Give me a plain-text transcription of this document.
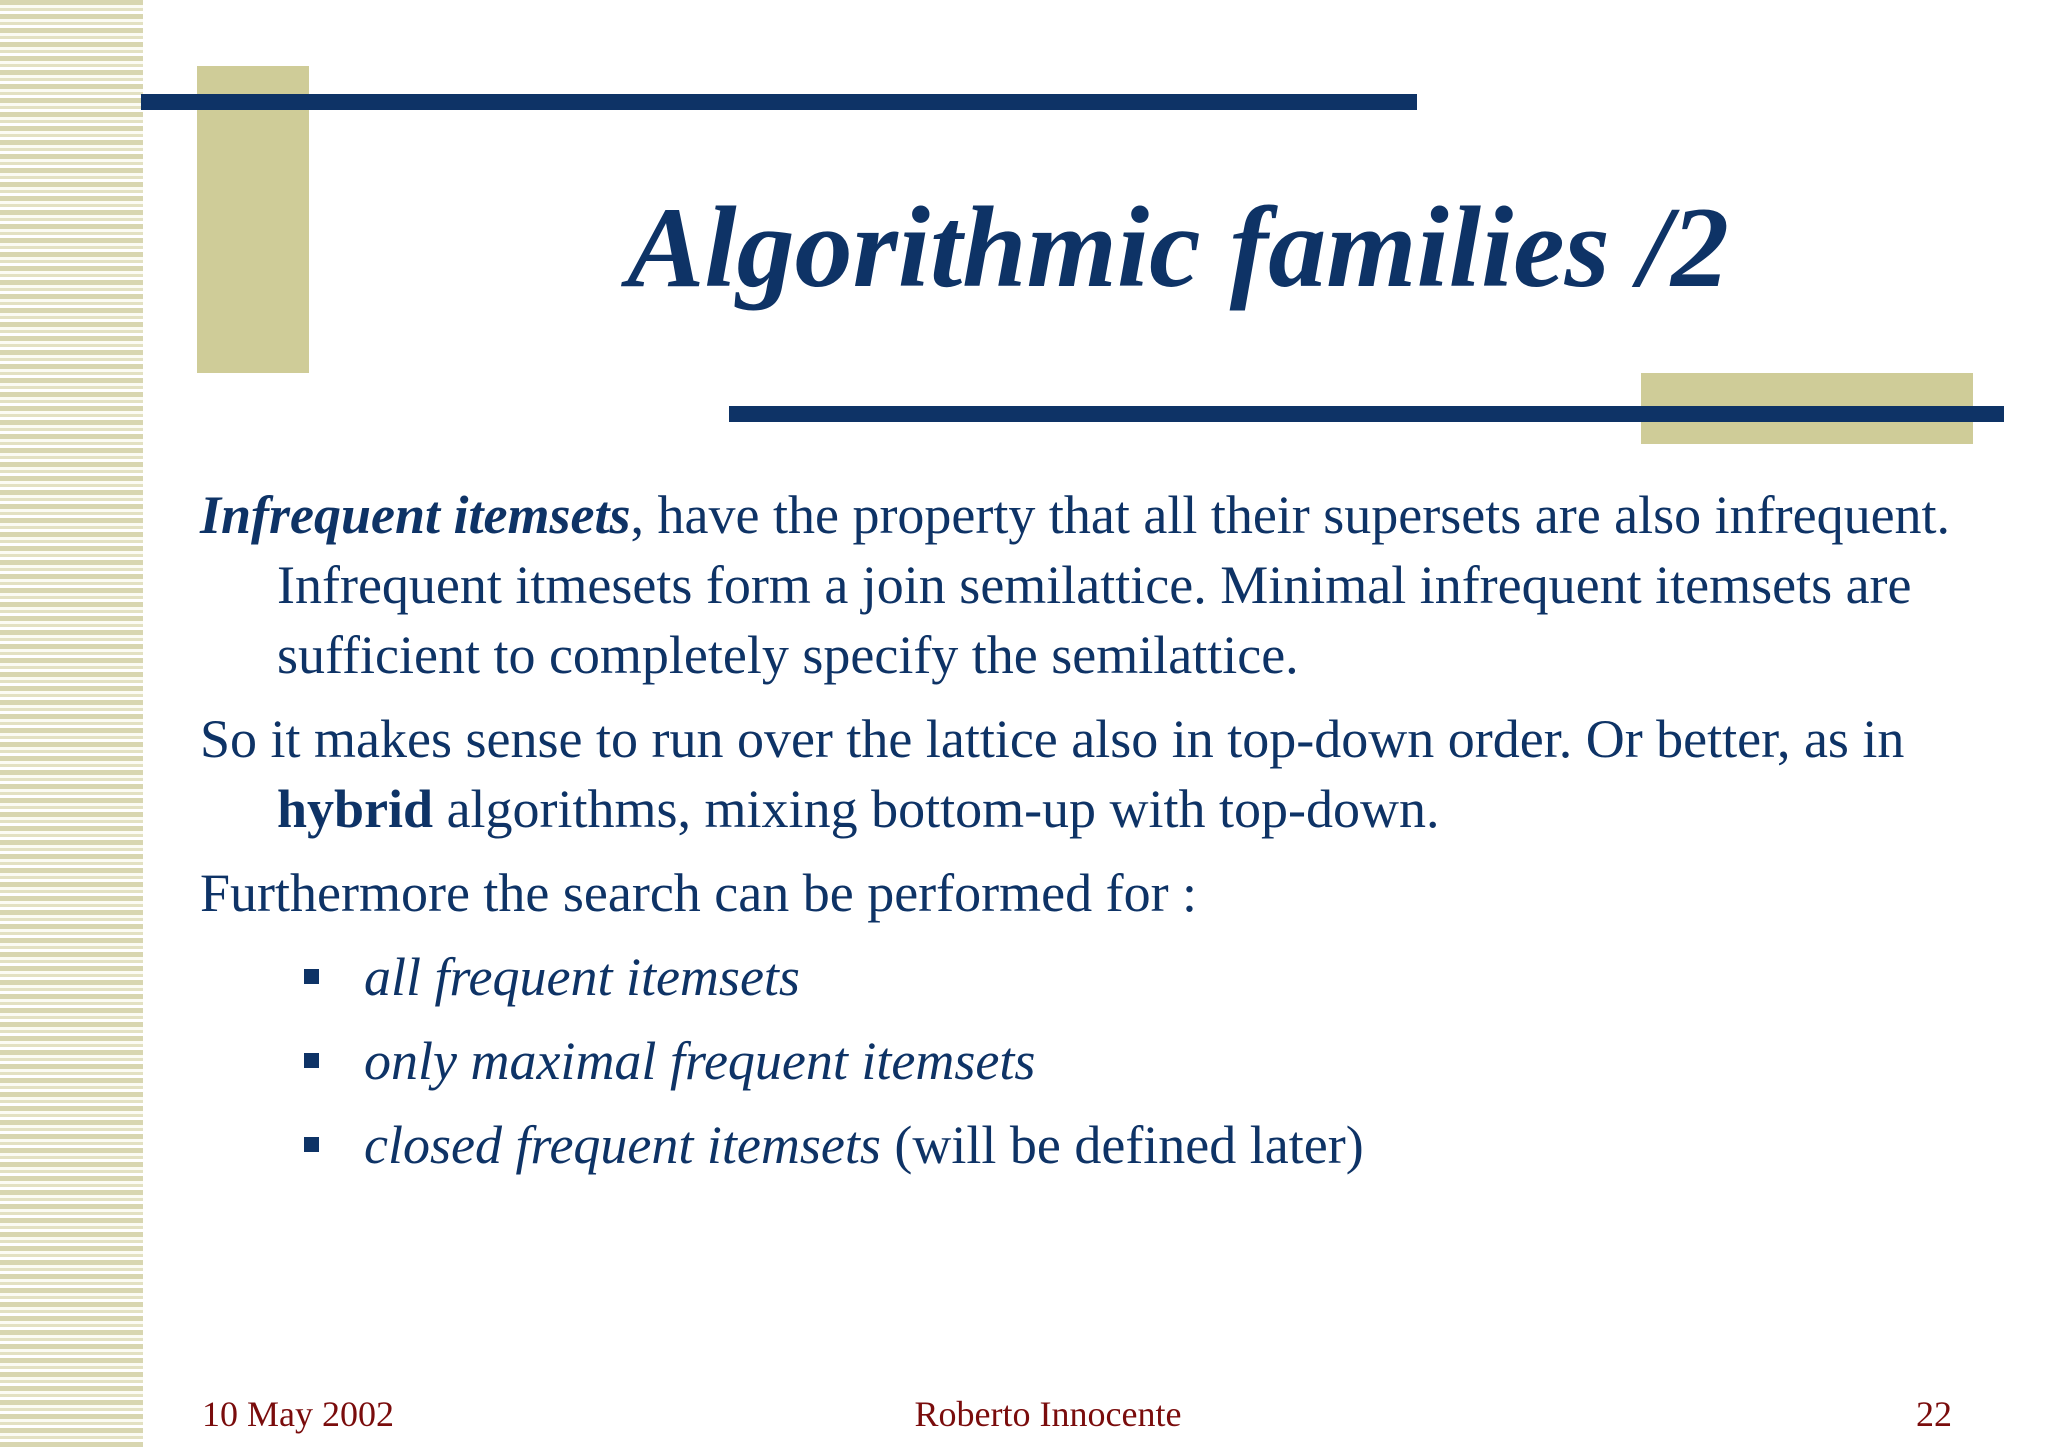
Algorithmic families /2

Infrequent itemsets, have the property that all their supersets are also infrequent. Infrequent itmesets form a join semilattice. Minimal infrequent itemsets are sufficient to completely specify the semilattice.

So it makes sense to run over the lattice also in top-down order. Or better, as in hybrid algorithms, mixing bottom-up with top-down.

Furthermore the search can be performed for :

all frequent itemsets
only maximal frequent itemsets
closed frequent itemsets (will be defined later)
10 May 2002	Roberto Innocente	22
